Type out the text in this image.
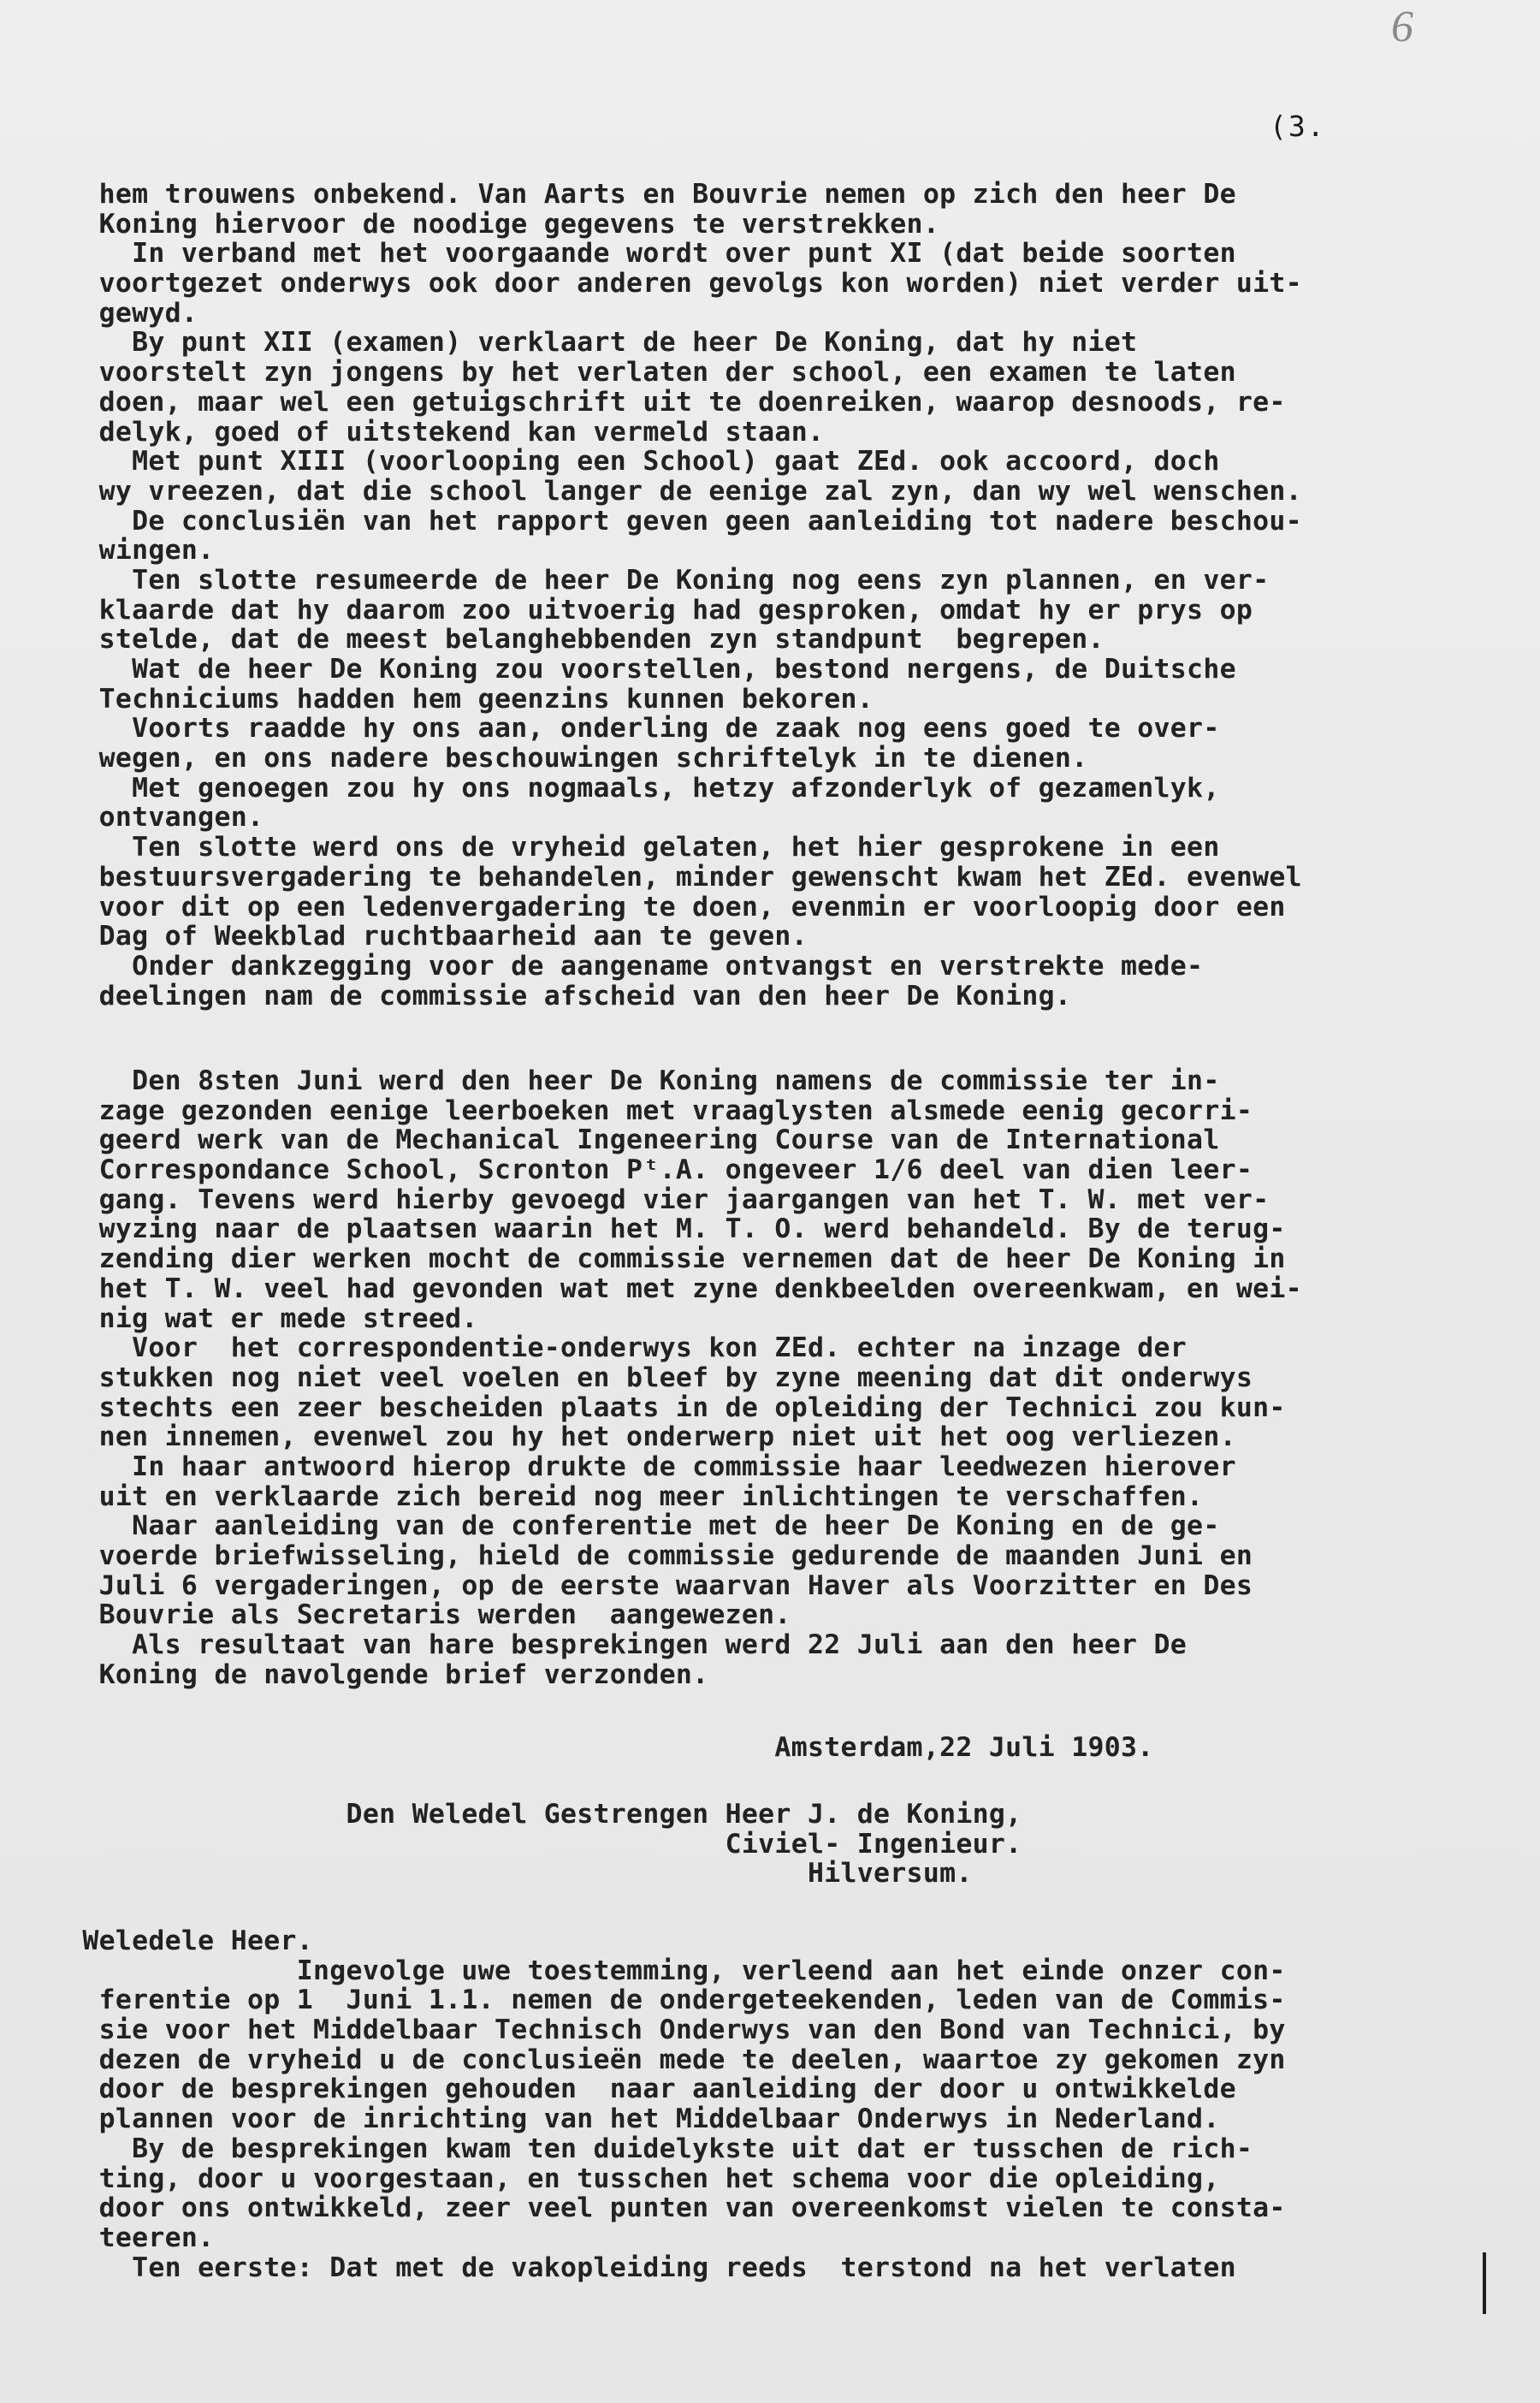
6
(3.
hem trouwens onbekend. Van Aarts en Bouvrie nemen op zich den heer De
Koning hiervoor de noodige gegevens te verstrekken.
In verband met het voorgaande wordt over punt XI (dat beide soorten
voortgezet onderwys ook door anderen gevolgs kon worden) niet verder uit-
gewyd.
By punt XII (examen) verklaart de heer De Koning, dat hy niet
voorstelt zyn jongens by het verlaten der school, een examen te laten
doen, maar wel een getuigschrift uit te doenreiken, waarop desnoods, re-
delyk, goed of uitstekend kan vermeld staan.
Met punt XIII (voorlooping een School) gaat ZEd. ook accoord, doch
wy vreezen, dat die school langer de eenige zal zyn, dan wy wel wenschen.
De conclusiën van het rapport geven geen aanleiding tot nadere beschou-
wingen.
Ten slotte resumeerde de heer De Koning nog eens zyn plannen, en ver-
klaarde dat hy daarom zoo uitvoerig had gesproken, omdat hy er prys op
stelde, dat de meest belanghebbenden zyn standpunt  begrepen.
Wat de heer De Koning zou voorstellen, bestond nergens, de Duitsche
Techniciums hadden hem geenzins kunnen bekoren.
Voorts raadde hy ons aan, onderling de zaak nog eens goed te over-
wegen, en ons nadere beschouwingen schriftelyk in te dienen.
Met genoegen zou hy ons nogmaals, hetzy afzonderlyk of gezamenlyk,
ontvangen.
Ten slotte werd ons de vryheid gelaten, het hier gesprokene in een
bestuursvergadering te behandelen, minder gewenscht kwam het ZEd. evenwel
voor dit op een ledenvergadering te doen, evenmin er voorloopig door een
Dag of Weekblad ruchtbaarheid aan te geven.
Onder dankzegging voor de aangename ontvangst en verstrekte mede-
deelingen nam de commissie afscheid van den heer De Koning.
Den 8sten Juni werd den heer De Koning namens de commissie ter in-
zage gezonden eenige leerboeken met vraaglysten alsmede eenig gecorri-
geerd werk van de Mechanical Ingeneering Course van de International
Correspondance School, Scronton Pᵗ.A. ongeveer 1/6 deel van dien leer-
gang. Tevens werd hierby gevoegd vier jaargangen van het T. W. met ver-
wyzing naar de plaatsen waarin het M. T. O. werd behandeld. By de terug-
zending dier werken mocht de commissie vernemen dat de heer De Koning in
het T. W. veel had gevonden wat met zyne denkbeelden overeenkwam, en wei-
nig wat er mede streed.
Voor  het correspondentie-onderwys kon ZEd. echter na inzage der
stukken nog niet veel voelen en bleef by zyne meening dat dit onderwys
stechts een zeer bescheiden plaats in de opleiding der Technici zou kun-
nen innemen, evenwel zou hy het onderwerp niet uit het oog verliezen.
In haar antwoord hierop drukte de commissie haar leedwezen hierover
uit en verklaarde zich bereid nog meer inlichtingen te verschaffen.
Naar aanleiding van de conferentie met de heer De Koning en de ge-
voerde briefwisseling, hield de commissie gedurende de maanden Juni en
Juli 6 vergaderingen, op de eerste waarvan Haver als Voorzitter en Des
Bouvrie als Secretaris werden  aangewezen.
Als resultaat van hare besprekingen werd 22 Juli aan den heer De
Koning de navolgende brief verzonden.
Amsterdam,22 Juli 1903.
Den Weledel Gestrengen Heer J. de Koning,
Civiel- Ingenieur.
Hilversum.
Weledele Heer.
Ingevolge uwe toestemming, verleend aan het einde onzer con-
ferentie op 1  Juni 1.1. nemen de ondergeteekenden, leden van de Commis-
sie voor het Middelbaar Technisch Onderwys van den Bond van Technici, by
dezen de vryheid u de conclusieën mede te deelen, waartoe zy gekomen zyn
door de besprekingen gehouden  naar aanleiding der door u ontwikkelde
plannen voor de inrichting van het Middelbaar Onderwys in Nederland.
By de besprekingen kwam ten duidelykste uit dat er tusschen de rich-
ting, door u voorgestaan, en tusschen het schema voor die opleiding,
door ons ontwikkeld, zeer veel punten van overeenkomst vielen te consta-
teeren.
Ten eerste: Dat met de vakopleiding reeds  terstond na het verlaten
